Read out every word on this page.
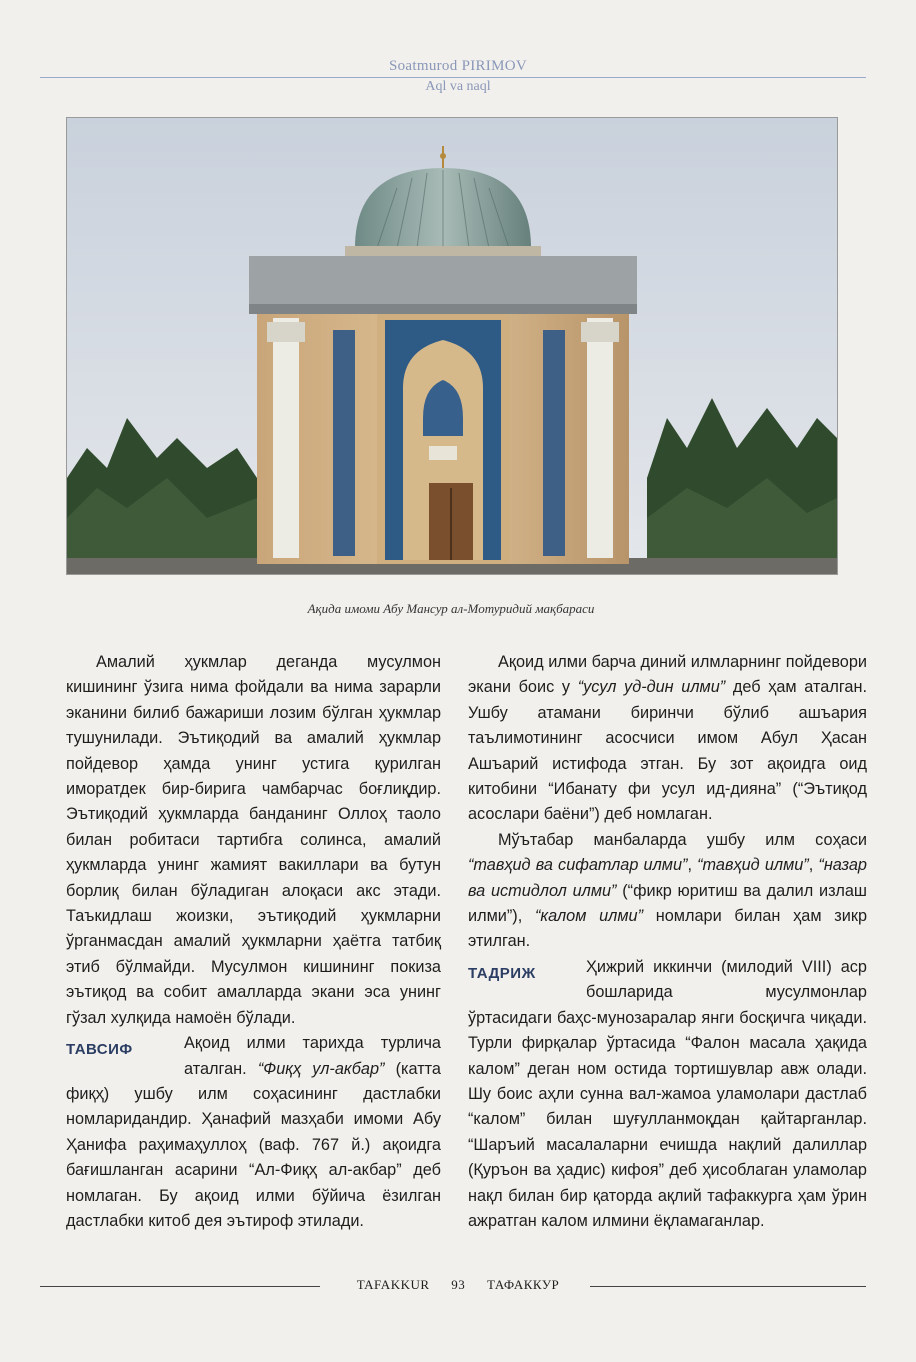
Soatmurod PIRIMOV
Aql va naql
Ақида имоми Абу Мансур ал-Мотуридий мақбараси

Амалий ҳукмлар деганда мусулмон кишининг ўзига нима фойдали ва нима зарарли эканини билиб бажариши лозим бўлган ҳукмлар тушунилади. Эътиқодий ва амалий ҳукмлар пойдевор ҳамда унинг устига қурилган иморатдек бир-бирига чамбарчас боғлиқдир. Эътиқодий ҳукмларда банданинг Оллоҳ таоло билан робитаси тартибга солинса, амалий ҳукмларда унинг жамият вакиллари ва бутун борлиқ билан бўладиган алоқаси акс этади. Таъкидлаш жоизки, эътиқодий ҳукмларни ўрганмасдан амалий ҳукмларни ҳаётга татбиқ этиб бўлмайди. Мусулмон кишининг покиза эътиқод ва собит амалларда экани эса унинг гўзал хулқида намоён бўлади.

ТАВСИФ	Ақоид илми тарихда турлича аталган. “Фиқҳ ул-акбар” (катта фиқҳ) ушбу илм соҳасининг дастлабки номларидандир. Ҳанафий мазҳаби имоми Абу Ҳанифа раҳимаҳуллоҳ (ваф. 767 й.) ақоидга бағишланган асарини “Ал-Фиқҳ ал-акбар” деб номлаган. Бу ақоид илми бўйича ёзилган дастлабки китоб дея эътироф этилади.

Ақоид илми барча диний илмларнинг пойдевори экани боис у “усул уд-дин илми” деб ҳам аталган. Ушбу атамани биринчи бўлиб ашъария таълимотининг асосчиси имом Абул Ҳасан Ашъарий истифода этган. Бу зот ақоидга оид китобини “Ибанату фи усул ид-дияна” (“Эътиқод асослари баёни”) деб номлаган.

Мўътабар манбаларда ушбу илм соҳаси “тавҳид ва сифатлар илми”, “тавҳид илми”, “назар ва истидлол илми” (“фикр юритиш ва далил излаш илми”), “калом илми” номлари билан ҳам зикр этилган.

ТАДРИЖ	Ҳижрий иккинчи (милодий VIII) аср бошларида мусулмонлар ўртасидаги баҳс-мунозаралар янги босқичга чиқади. Турли фирқалар ўртасида “Фалон масала ҳақида калом” деган ном остида тортишувлар авж олади. Шу боис аҳли сунна вал-жамоа уламолари дастлаб “калом” билан шуғулланмоқдан қайтарганлар. “Шаръий масалаларни ечишда нақлий далиллар (Қуръон ва ҳадис) кифоя” деб ҳисоблаган уламолар нақл билан бир қаторда ақлий тафаккурга ҳам ўрин ажратган калом илмини ёқламаганлар.

TAFAKKUR 93 ТАФАККУР
